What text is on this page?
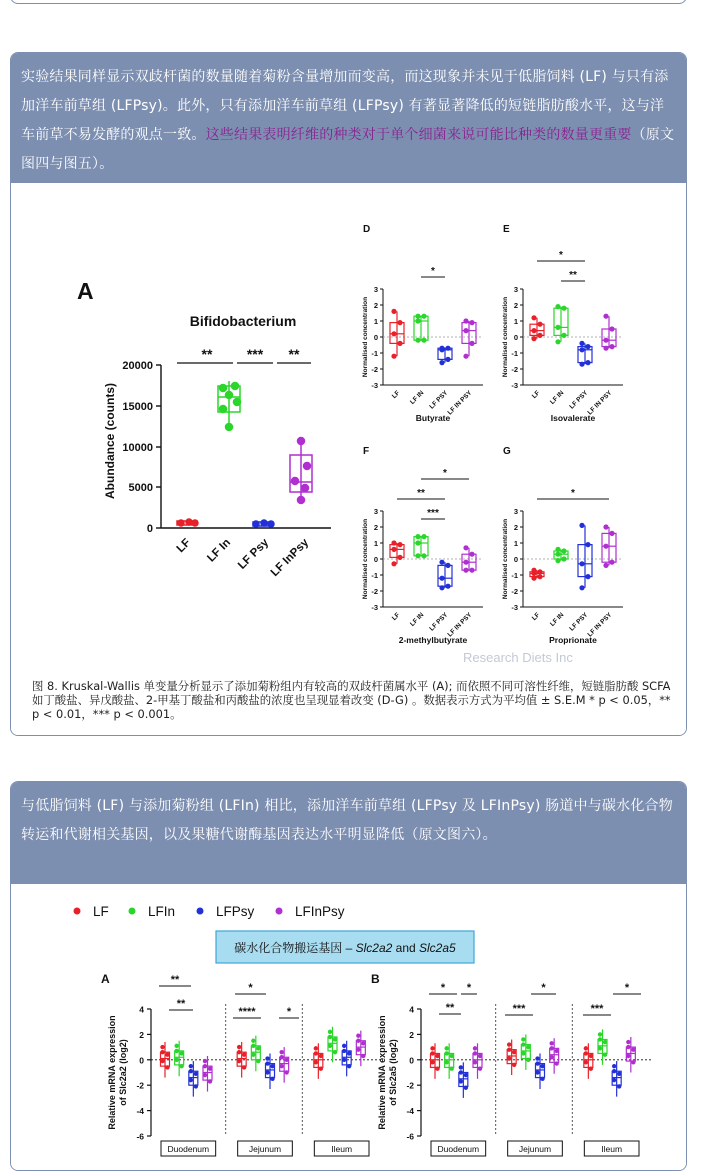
实验结果同样显示双歧杆菌的数量随着菊粉含量增加而变高，而这现象并未见于低脂饲料 (LF) 与只有添加洋车前草组 (LFPsy)。此外，只有添加洋车前草组 (LFPsy) 有著显著降低的短链脂肪酸水平，这与洋车前草不易发酵的观点一致。这些结果表明纤维的种类对于单个细菌来说可能比种类的数量更重要（原文图四与图五）。
A
Bifidobacterium
Abundance (counts)
0
5000
10000
15000
20000
** *** **
LF LF In LF Psy
LF InPsy
D
-3
-2
-1
0
1
2
3
Normalised concentration
LF LF IN LF PSY
LF IN PSY
*
Butyrate
E
-3
-2
-1
0
1
2
3
Normalised concentration
LF LF IN LF PSY
LF IN PSY
*
**
Isovalerate
F
-3
-2
-1
0
1
2
3
Normalised concentration
LF LF IN LF PSY
LF IN PSY
*
**
***
2-methylbutyrate
G
-3
-2
-1
0
1
2
3
Normalised concentration
LF LF IN LF PSY
LF IN PSY
*
Proprionate
Research Diets Inc
图 8. Kruskal-Wallis 单变量分析显示了添加菊粉组内有较高的双歧杆菌属水平 (A); 而依照不同可溶性纤维，短链脂肪酸 SCFA 如丁酸盐、异戊酸盐、2-甲基丁酸盐和丙酸盐的浓度也呈现显着改变 (D-G) 。数据表示方式为平均值 ± S.E.M * p < 0.05，** p < 0.01，*** p < 0.001。
与低脂饲料 (LF) 与添加菊粉组 (LFIn) 相比，添加洋车前草组 (LFPsy 及 LFInPsy) 肠道中与碳水化合物转运和代谢相关基因，以及果糖代谢酶基因表达水平明显降低（原文图六）。
LF	LFIn	LFPsy	LFInPsy
碳水化合物搬运基因 – Slc2a2 and Slc2a5
A
-6
-4
-2
0
2
4
Relative mRNA expression of Slc2a2 (log2)
Duodenum	Jejunum	Ileum
**
**
*
****	*
B
-6
-4
-2
0
2
4
Relative mRNA expression of Slc2a5 (log2)
Duodenum	Jejunum	Ileum
* *
**
*
***	***
*
